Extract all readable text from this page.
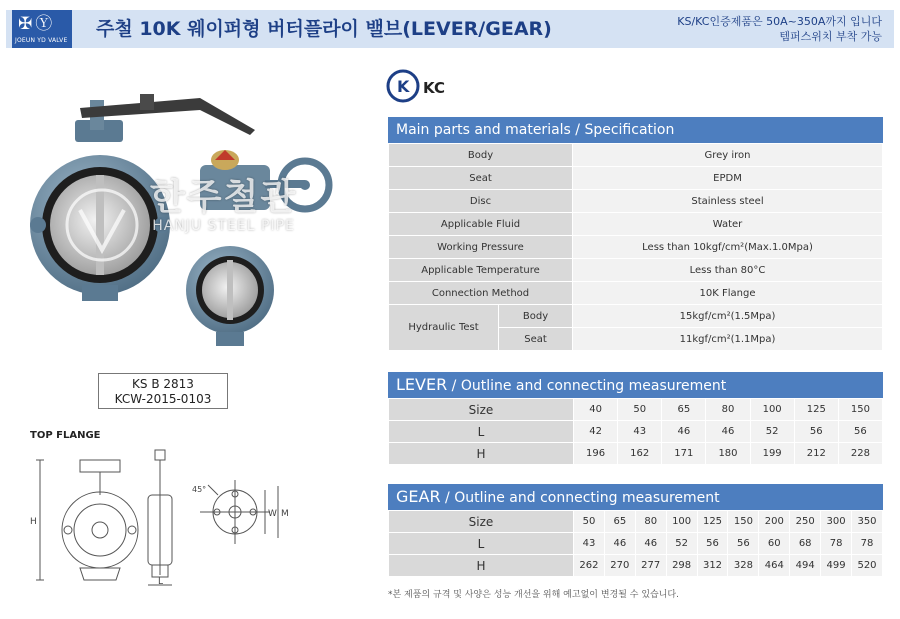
✠Ⓨ
JOEUN YD VALVE
주철 10K 웨이퍼형 버터플라이 밸브(LEVER/GEAR)	KS/KC인증제품은 50A~350A까지 입니다
템퍼스위치 부착 가능
한주철관
HANJU STEEL PIPE
KS B 2813
KCW-2015-0103
TOP FLANGE
H
L
W M
45°
K KC
Main parts and materials / Specification
Body		Grey iron
Seat		EPDM
Disc		Stainless steel
Applicable Fluid		Water
Working Pressure		Less than 10kgf/cm²(Max.1.0Mpa)
Applicable Temperature		Less than 80°C
Connection Method		10K Flange
Hydraulic Test	Body	15kgf/cm²(1.5Mpa)
	Seat	11kgf/cm²(1.1Mpa)
LEVER / Outline and connecting measurement
Size	40	50	65	80	100	125	150
L	42	43	46	46	52	56	56
H	196	162	171	180	199	212	228
GEAR / Outline and connecting measurement
Size	50	65	80	100	125	150	200	250	300	350
L	43	46	46	52	56	56	60	68	78	78
H	262	270	277	298	312	328	464	494	499	520
*본 제품의 규격 및 사양은 성능 개선을 위해 예고없이 변경될 수 있습니다.
